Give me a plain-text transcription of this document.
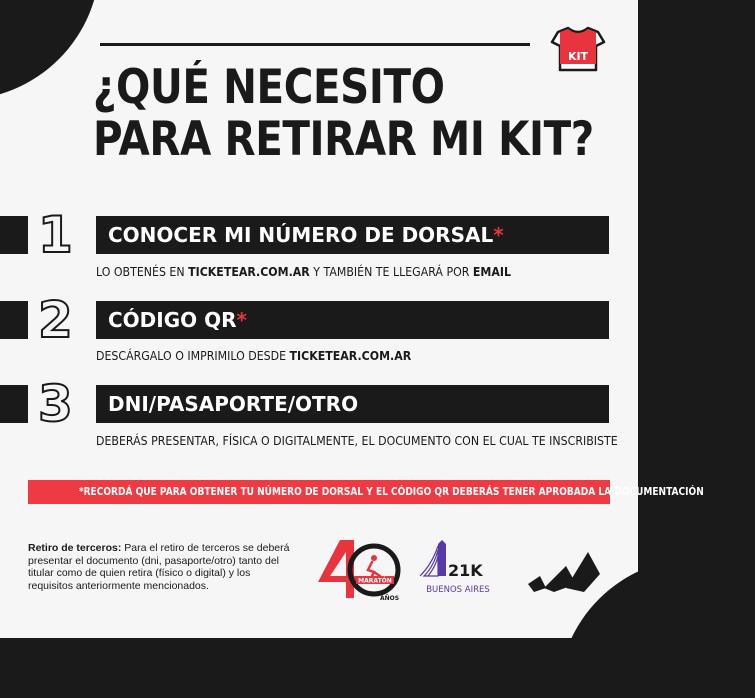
KIT
¿QUÉ NECESITO
PARA RETIRAR MI KIT?
1	CONOCER MI NÚMERO DE DORSAL*
LO OBTENÉS EN TICKETEAR.COM.AR Y TAMBIÉN TE LLEGARÁ POR EMAIL
2	CÓDIGO QR*
DESCÁRGALO O IMPRIMILO DESDE TICKETEAR.COM.AR
3	DNI/PASAPORTE/OTRO
DEBERÁS PRESENTAR, FÍSICA O DIGITALMENTE, EL DOCUMENTO CON EL CUAL TE INSCRIBISTE
*RECORDÁ QUE PARA OBTENER TU NÚMERO DE DORSAL Y EL CÓDIGO QR DEBERÁS TENER APROBADA LA DOCUMENTACIÓN
Retiro de terceros: Para el retiro de terceros se deberá presentar el documento (dni, pasaporte/otro) tanto del titular como de quien retira (físico o digital) y los requisitos anteriormente mencionados.	MARATÓN
AÑOS
21K
BUENOS AIRES
